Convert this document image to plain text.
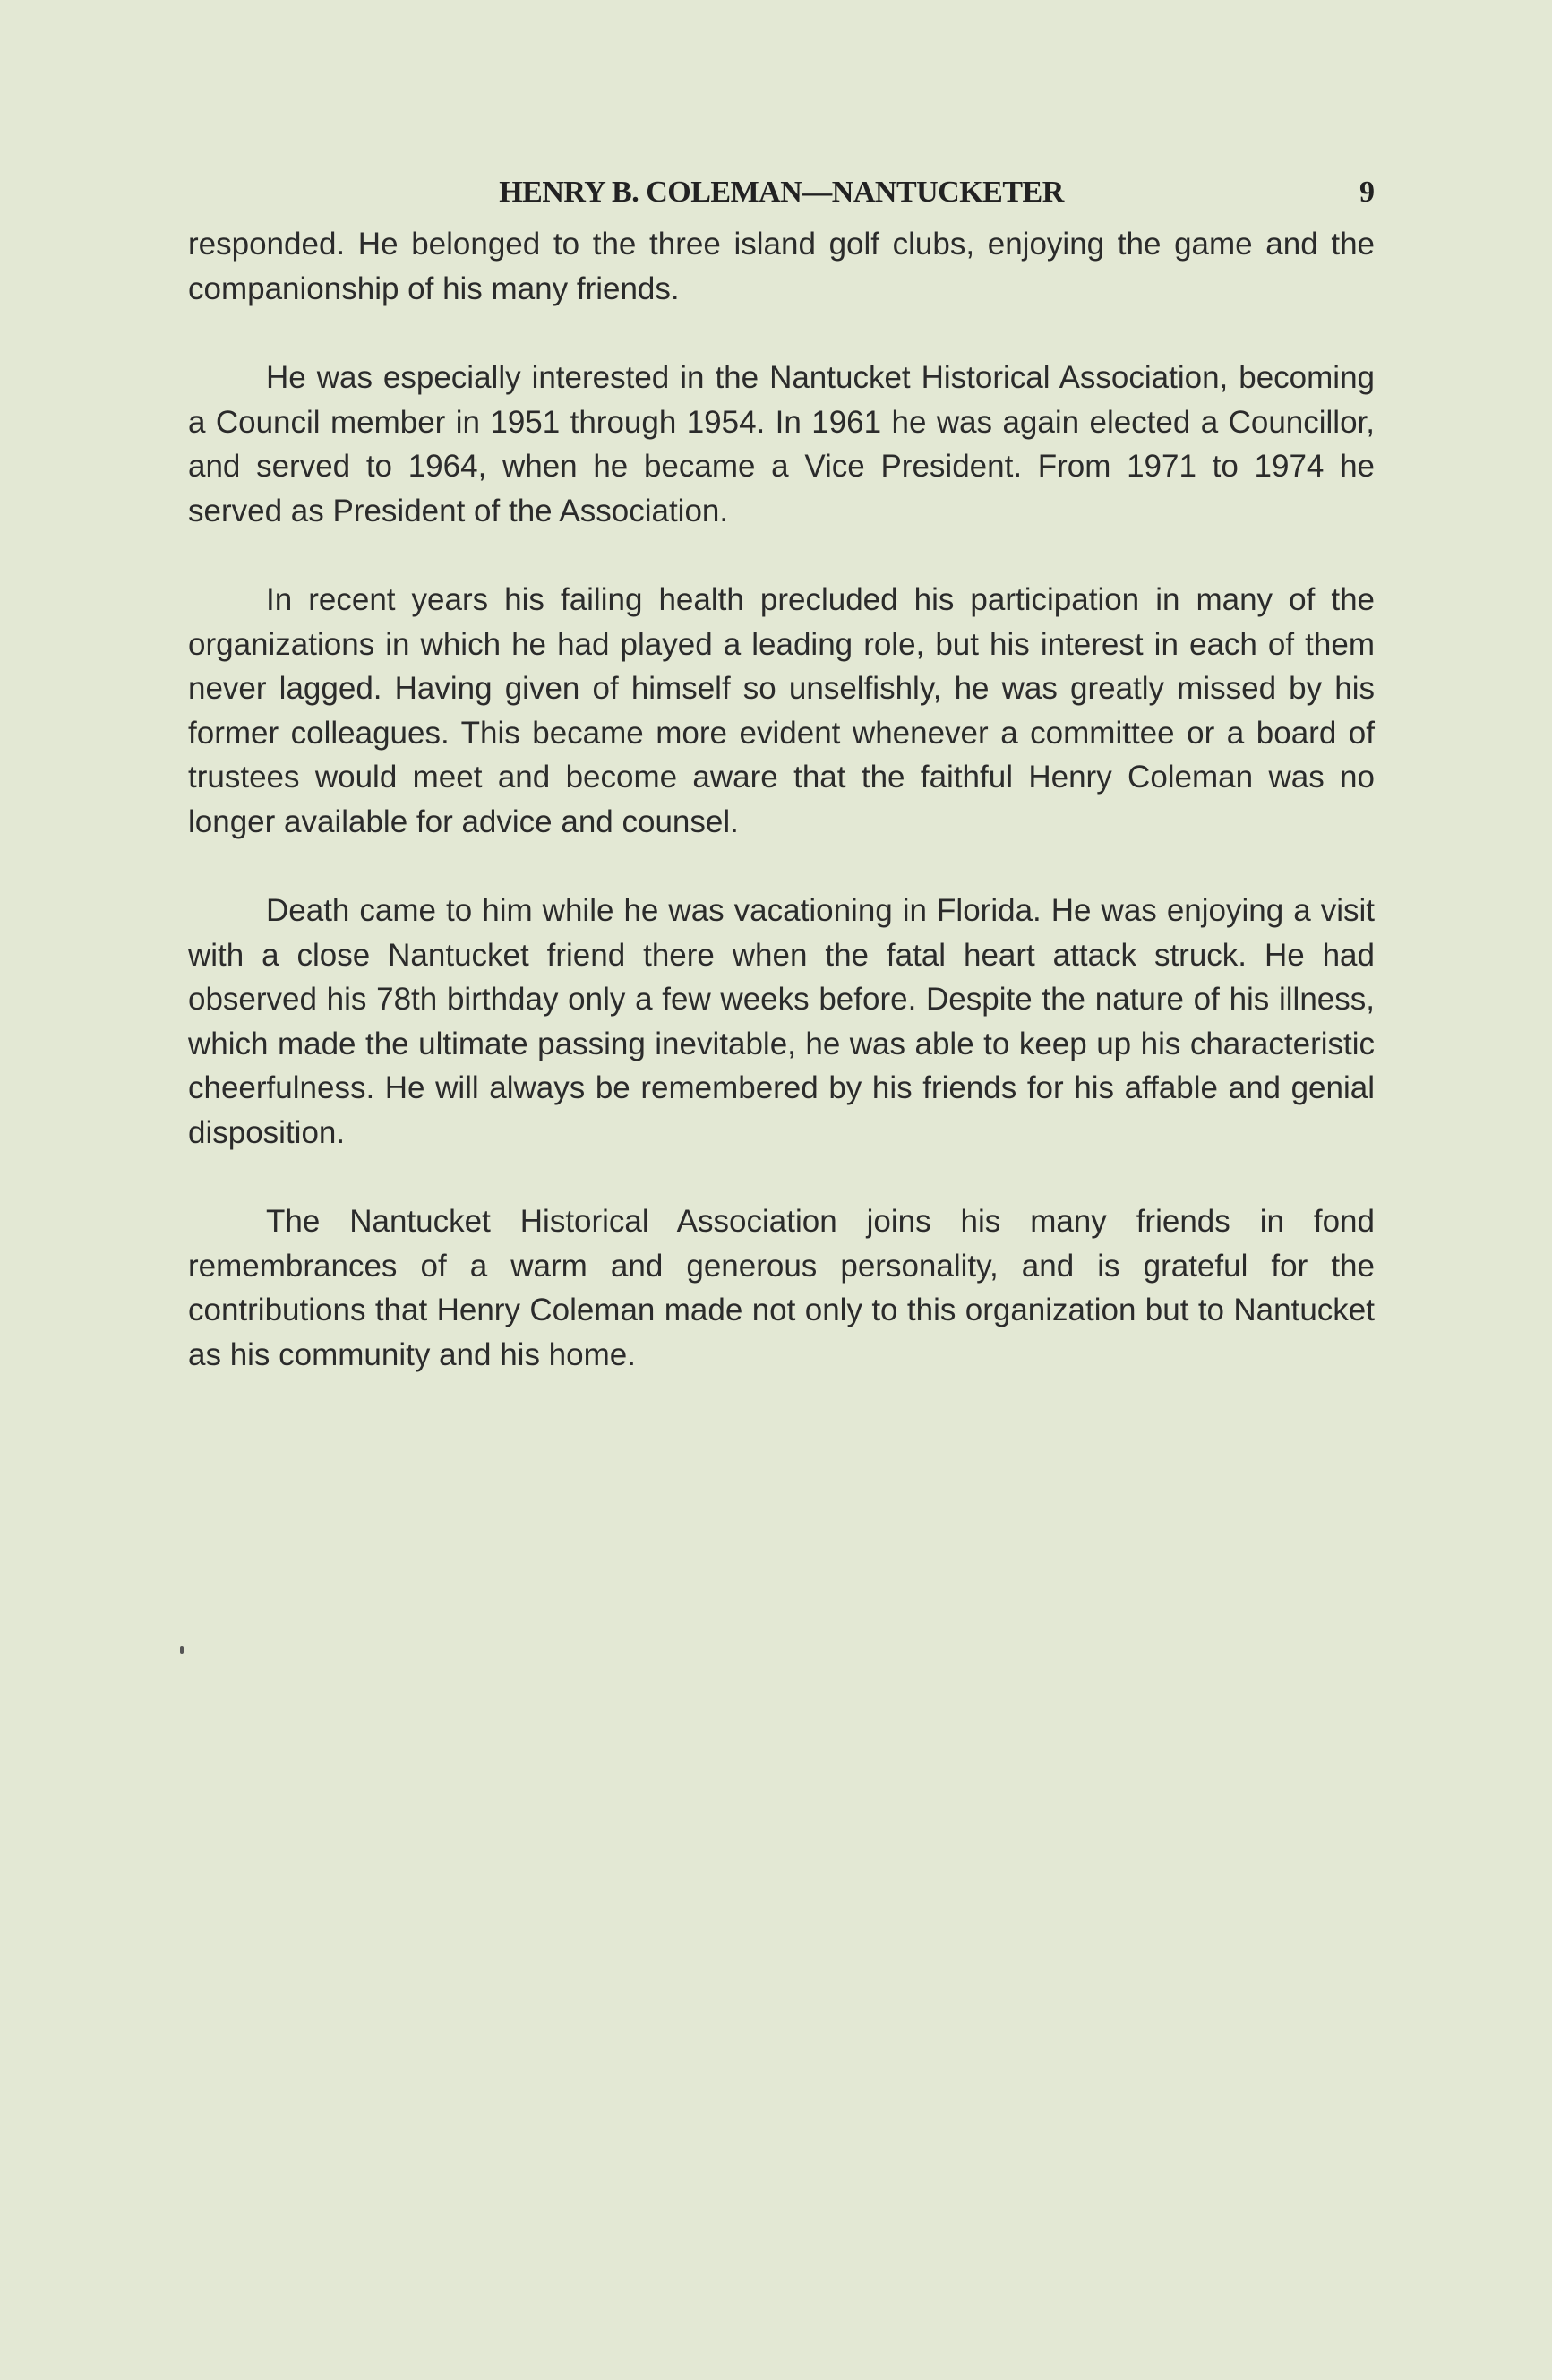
HENRY B. COLEMAN—NANTUCKETER	9

responded. He belonged to the three island golf clubs, enjoying the game and the companionship of his many friends.

He was especially interested in the Nantucket Historical Association, becoming a Council member in 1951 through 1954. In 1961 he was again elected a Councillor, and served to 1964, when he became a Vice President. From 1971 to 1974 he served as President of the Association.

In recent years his failing health precluded his participation in many of the organizations in which he had played a leading role, but his interest in each of them never lagged. Having given of himself so unselfishly, he was greatly missed by his former colleagues. This became more evident whenever a committee or a board of trustees would meet and become aware that the faithful Henry Coleman was no longer available for advice and counsel.

Death came to him while he was vacationing in Florida. He was enjoying a visit with a close Nantucket friend there when the fatal heart attack struck. He had observed his 78th birthday only a few weeks before. Despite the nature of his illness, which made the ultimate passing inevitable, he was able to keep up his characteristic cheerfulness. He will always be remembered by his friends for his affable and genial disposition.

The Nantucket Historical Association joins his many friends in fond remembrances of a warm and generous personality, and is grateful for the contributions that Henry Coleman made not only to this organization but to Nantucket as his community and his home.
